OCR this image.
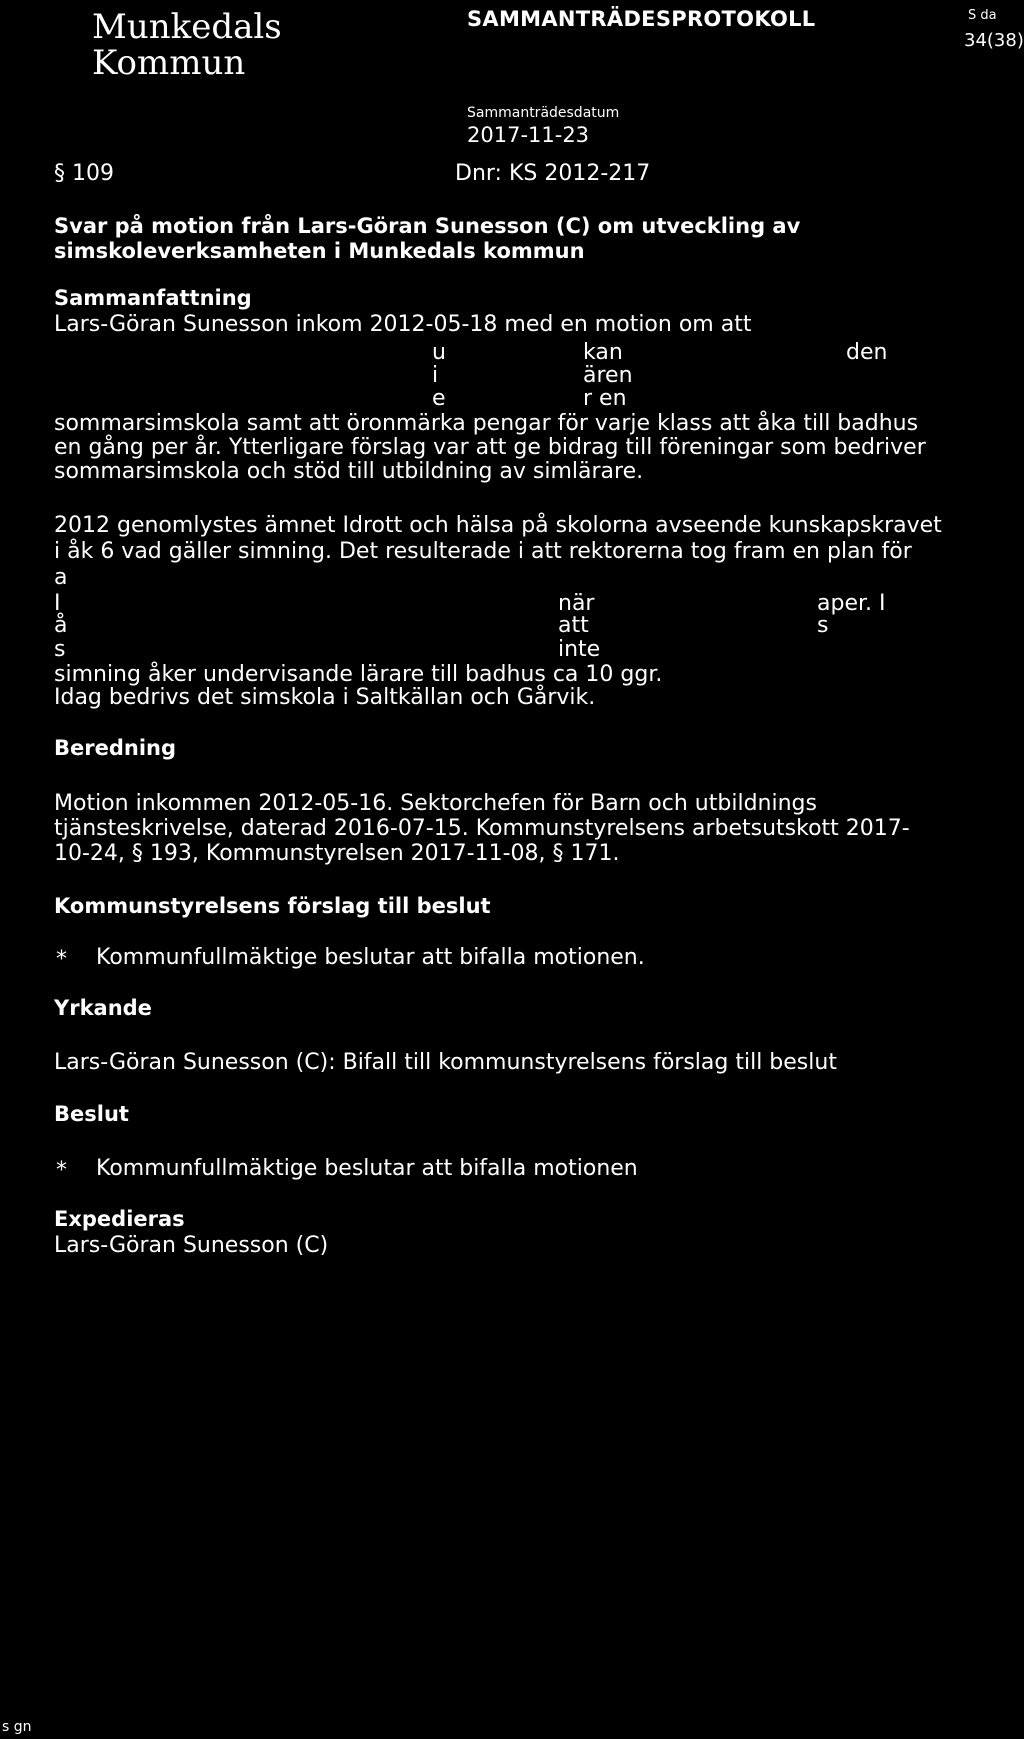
Munkedals
Kommun
SAMMANTRÄDESPROTOKOLL	S da
34(38)
Sammanträdesdatum
2017-11-23
§ 109	Dnr: KS 2012-217
Svar på motion från Lars-Göran Sunesson (C) om utveckling av
simskoleverksamheten i Munkedals kommun
Sammanfattning
Lars-Göran Sunesson inkom 2012-05-18 med en motion om att
u	kan	den
i	ären
e	r en
sommarsimskola samt att öronmärka pengar för varje klass att åka till badhus
en gång per år. Ytterligare förslag var att ge bidrag till föreningar som bedriver
sommarsimskola och stöd till utbildning av simlärare.
2012 genomlystes ämnet Idrott och hälsa på skolorna avseende kunskapskravet
i åk 6 vad gäller simning. Det resulterade i att rektorerna tog fram en plan för
a
I	när	aper. I
å	att	s
s	inte
simning åker undervisande lärare till badhus ca 10 ggr.
Idag bedrivs det simskola i Saltkällan och Gårvik.
Beredning
Motion inkommen 2012-05-16. Sektorchefen för Barn och utbildnings
tjänsteskrivelse, daterad 2016-07-15. Kommunstyrelsens arbetsutskott 2017-
10-24, § 193, Kommunstyrelsen 2017-11-08, § 171.
Kommunstyrelsens förslag till beslut
* Kommunfullmäktige beslutar att bifalla motionen.
Yrkande
Lars-Göran Sunesson (C): Bifall till kommunstyrelsens förslag till beslut
Beslut
* Kommunfullmäktige beslutar att bifalla motionen
Expedieras
Lars-Göran Sunesson (C)
s gn
